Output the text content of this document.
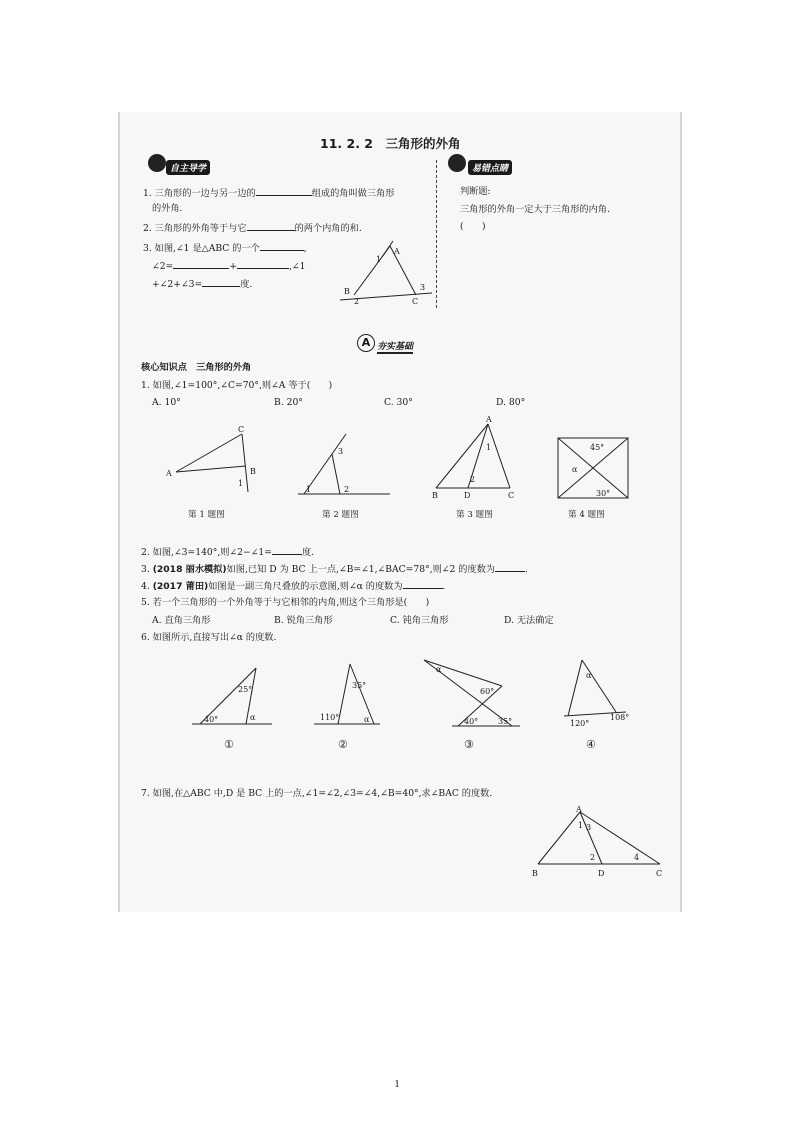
11. 2. 2　三角形的外角
自主导学	易错点睛
1. 三角形的一边与另一边的	组成的角叫做三角形
的外角.
2. 三角形的外角等于与它	的两个内角的和.
3. 如图,∠1 是△ABC 的一个	,
∠2=	+	,∠1
+∠2+∠3=	度.
A
1
B
2
3
C
判断题:
三角形的外角一定大于三角形的内角.
(　　)
A 夯实基础
核心知识点　三角形的外角
1. 如图,∠1=100°,∠C=70°,则∠A 等于(　　)
A. 10°	B. 20°	C. 30°	D. 80°
C
A	B
1
3
1	2
A
1
2
B	D	C
45°
α
30°
第 1 题图	第 2 题图	第 3 题图	第 4 题图
2. 如图,∠3=140°,则∠2−∠1=	度.
3. (2018 丽水模拟)如图,已知 D 为 BC 上一点,∠B=∠1,∠BAC=78°,则∠2 的度数为	.
4. (2017 莆田)如图是一副三角尺叠放的示意图,则∠α 的度数为	.
5. 若一个三角形的一个外角等于与它相邻的内角,则这个三角形是(　　)
A. 直角三角形	B. 锐角三角形	C. 钝角三角形	D. 无法确定
6. 如图所示,直接写出∠α 的度数.
25°
40°	α
35°
110°	α
α
60°
40° 35°
α
120°
108°
①	②	③	④
7. 如图,在△ABC 中,D 是 BC 上的一点,∠1=∠2,∠3=∠4,∠B=40°,求∠BAC 的度数.
A
1 3
2	4
B	D	C
1
